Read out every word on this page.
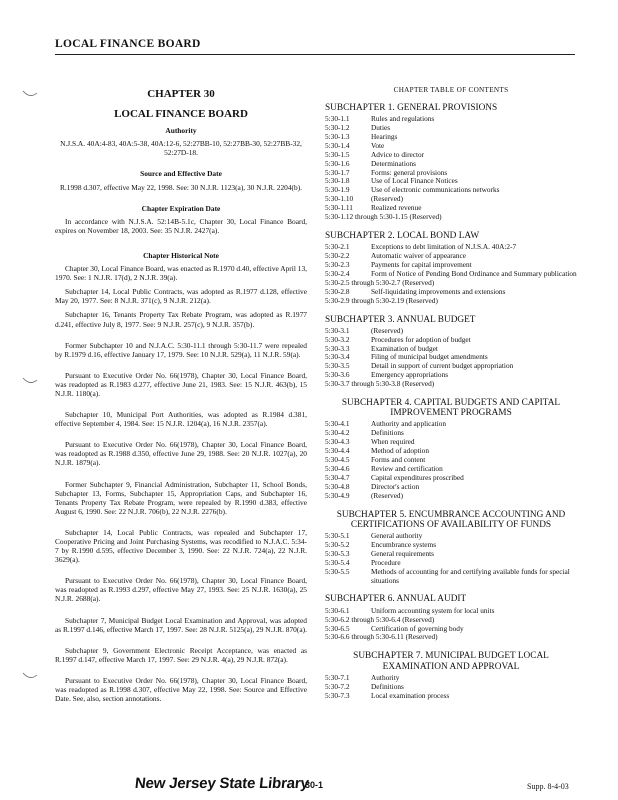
LOCAL FINANCE BOARD

CHAPTER 30

LOCAL FINANCE BOARD

Authority

N.J.S.A. 40A:4-83, 40A:5-38, 40A:12-6, 52:27BB-10, 52:27BB-30, 52:27BB-32, 52:27D-18.

Source and Effective Date

R.1998 d.307, effective May 22, 1998. See: 30 N.J.R. 1123(a), 30 N.J.R. 2204(b).

Chapter Expiration Date

In accordance with N.J.S.A. 52:14B-5.1c, Chapter 30, Local Finance Board, expires on November 18, 2003. See: 35 N.J.R. 2427(a).

Chapter Historical Note

Chapter 30, Local Finance Board, was enacted as R.1970 d.40, effective April 13, 1970. See: 1 N.J.R. 17(d), 2 N.J.R. 39(a).

Subchapter 14, Local Public Contracts, was adopted as R.1977 d.128, effective May 20, 1977. See: 8 N.J.R. 371(c), 9 N.J.R. 212(a).

Subchapter 16, Tenants Property Tax Rebate Program, was adopted as R.1977 d.241, effective July 8, 1977. See: 9 N.J.R. 257(c), 9 N.J.R. 357(b).

Former Subchapter 10 and N.J.A.C. 5:30-11.1 through 5:30-11.7 were repealed by R.1979 d.16, effective January 17, 1979. See: 10 N.J.R. 529(a), 11 N.J.R. 59(a).

Pursuant to Executive Order No. 66(1978), Chapter 30, Local Finance Board, was readopted as R.1983 d.277, effective June 21, 1983. See: 15 N.J.R. 463(b), 15 N.J.R. 1180(a).

Subchapter 10, Municipal Port Authorities, was adopted as R.1984 d.381, effective September 4, 1984. See: 15 N.J.R. 1204(a), 16 N.J.R. 2357(a).

Pursuant to Executive Order No. 66(1978), Chapter 30, Local Finance Board, was readopted as R.1988 d.350, effective June 29, 1988. See: 20 N.J.R. 1027(a), 20 N.J.R. 1879(a).

Former Subchapter 9, Financial Administration, Subchapter 11, School Bonds, Subchapter 13, Forms, Subchapter 15, Appropriation Caps, and Subchapter 16, Tenants Property Tax Rebate Program, were repealed by R.1990 d.383, effective August 6, 1990. See: 22 N.J.R. 706(b), 22 N.J.R. 2276(b).

Subchapter 14, Local Public Contracts, was repealed and Subchapter 17, Cooperative Pricing and Joint Purchasing Systems, was recodified to N.J.A.C. 5:34-7 by R.1990 d.595, effective December 3, 1990. See: 22 N.J.R. 724(a), 22 N.J.R. 3629(a).

Pursuant to Executive Order No. 66(1978), Chapter 30, Local Finance Board, was readopted as R.1993 d.297, effective May 27, 1993. See: 25 N.J.R. 1630(a), 25 N.J.R. 2688(a).

Subchapter 7, Municipal Budget Local Examination and Approval, was adopted as R.1997 d.146, effective March 17, 1997. See: 28 N.J.R. 5125(a), 29 N.J.R. 870(a).

Subchapter 9, Government Electronic Receipt Acceptance, was enacted as R.1997 d.147, effective March 17, 1997. See: 29 N.J.R. 4(a), 29 N.J.R. 872(a).

Pursuant to Executive Order No. 66(1978), Chapter 30, Local Finance Board, was readopted as R.1998 d.307, effective May 22, 1998. See: Source and Effective Date. See, also, section annotations.

CHAPTER TABLE OF CONTENTS

SUBCHAPTER 1. GENERAL PROVISIONS
5:30-1.1	Rules and regulations
5:30-1.2	Duties
5:30-1.3	Hearings
5:30-1.4	Vote
5:30-1.5	Advice to director
5:30-1.6	Determinations
5:30-1.7	Forms: general provisions
5:30-1.8	Use of Local Finance Notices
5:30-1.9	Use of electronic communications networks
5:30-1.10	(Reserved)
5:30-1.11	Realized revenue
5:30-1.12 through 5:30-1.15 (Reserved)
SUBCHAPTER 2. LOCAL BOND LAW
5:30-2.1	Exceptions to debt limitation of N.J.S.A. 40A:2-7
5:30-2.2	Automatic waiver of appearance
5:30-2.3	Payments for capital improvement
5:30-2.4	Form of Notice of Pending Bond Ordinance and Summary publication
5:30-2.5 through 5:30-2.7 (Reserved)
5:30-2.8	Self-liquidating improvements and extensions
5:30-2.9 through 5:30-2.19 (Reserved)
SUBCHAPTER 3. ANNUAL BUDGET
5:30-3.1	(Reserved)
5:30-3.2	Procedures for adoption of budget
5:30-3.3	Examination of budget
5:30-3.4	Filing of municipal budget amendments
5:30-3.5	Detail in support of current budget appropriation
5:30-3.6	Emergency appropriations
5:30-3.7 through 5:30-3.8 (Reserved)
SUBCHAPTER 4. CAPITAL BUDGETS AND CAPITAL IMPROVEMENT PROGRAMS
5:30-4.1	Authority and application
5:30-4.2	Definitions
5:30-4.3	When required
5:30-4.4	Method of adoption
5:30-4.5	Forms and content
5:30-4.6	Review and certification
5:30-4.7	Capital expenditures proscribed
5:30-4.8	Director's action
5:30-4.9	(Reserved)
SUBCHAPTER 5. ENCUMBRANCE ACCOUNTING AND CERTIFICATIONS OF AVAILABILITY OF FUNDS
5:30-5.1	General authority
5:30-5.2	Encumbrance systems
5:30-5.3	General requirements
5:30-5.4	Procedure
5:30-5.5	Methods of accounting for and certifying available funds for special situations
SUBCHAPTER 6. ANNUAL AUDIT
5:30-6.1	Uniform accounting system for local units
5:30-6.2 through 5:30-6.4 (Reserved)
5:30-6.5	Certification of governing body
5:30-6.6 through 5:30-6.11 (Reserved)
SUBCHAPTER 7. MUNICIPAL BUDGET LOCAL EXAMINATION AND APPROVAL
5:30-7.1	Authority
5:30-7.2	Definitions
5:30-7.3	Local examination process
New Jersey State Library
30-1	Supp. 8-4-03
